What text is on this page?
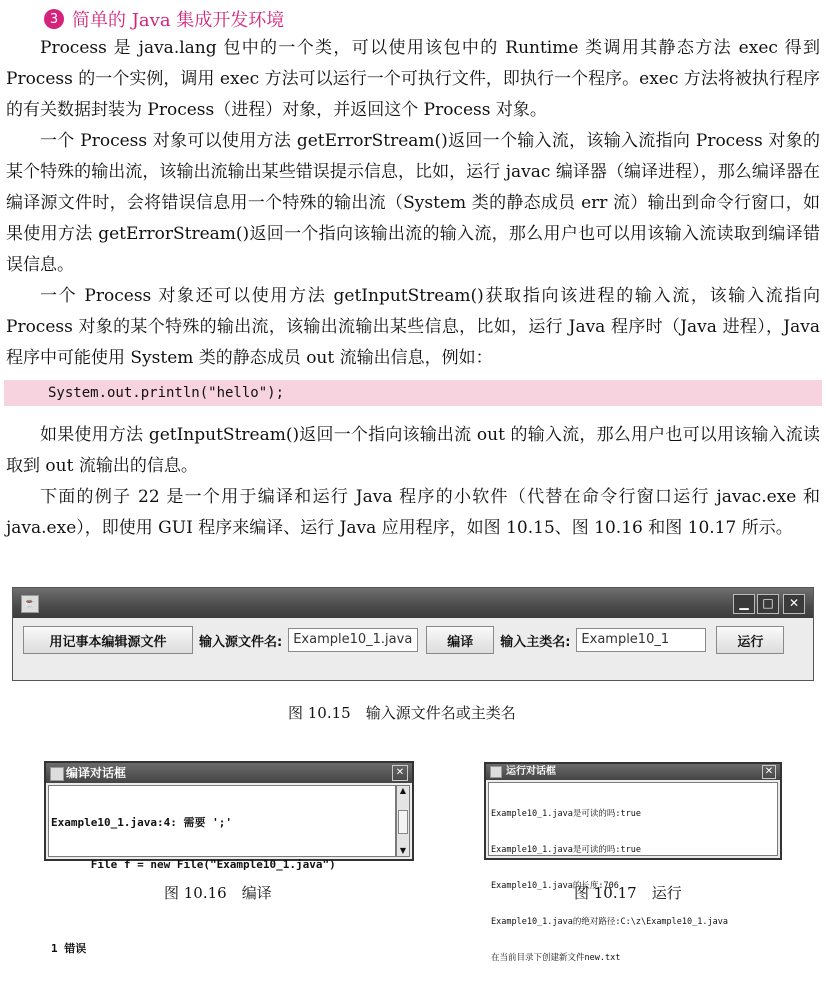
3 简单的 Java 集成开发环境

Process 是 java.lang 包中的一个类，可以使用该包中的 Runtime 类调用其静态方法 exec 得到 Process 的一个实例，调用 exec 方法可以运行一个可执行文件，即执行一个程序。exec 方法将被执行程序的有关数据封装为 Process（进程）对象，并返回这个 Process 对象。

一个 Process 对象可以使用方法 getErrorStream()返回一个输入流，该输入流指向 Process 对象的某个特殊的输出流，该输出流输出某些错误提示信息，比如，运行 javac 编译器（编译进程），那么编译器在编译源文件时，会将错误信息用一个特殊的输出流（System 类的静态成员 err 流）输出到命令行窗口，如果使用方法 getErrorStream()返回一个指向该输出流的输入流，那么用户也可以用该输入流读取到编译错误信息。

一个 Process 对象还可以使用方法 getInputStream()获取指向该进程的输入流，该输入流指向 Process 对象的某个特殊的输出流，该输出流输出某些信息，比如，运行 Java 程序时（Java 进程），Java 程序中可能使用 System 类的静态成员 out 流输出信息，例如：

System.out.println("hello");

如果使用方法 getInputStream()返回一个指向该输出流 out 的输入流，那么用户也可以用该输入流读取到 out 流输出的信息。

下面的例子 22 是一个用于编译和运行 Java 程序的小软件（代替在命令行窗口运行 javac.exe 和 java.exe），即使用 GUI 程序来编译、运行 Java 应用程序，如图 10.15、图 10.16 和图 10.17 所示。

☕	▁	□	✕
用记事本编辑源文件	输入源文件名: Example10_1.java	编译	输入主类名: Example10_1	运行
图 10.15　输入源文件名或主类名
编译对话框	✕

Example10_1.java:4: 需要 ';'

File f = new File("Example10_1.java")

1 错误

▲
▼
图 10.16　编译
运行对话框	✕

Example10_1.java是可读的吗:true

Example10_1.java是可读的吗:true

Example10_1.java的长度:706

Example10_1.java的绝对路径:C:\z\Example10_1.java

在当前目录下创建新文件new.txt

图 10.17　运行
